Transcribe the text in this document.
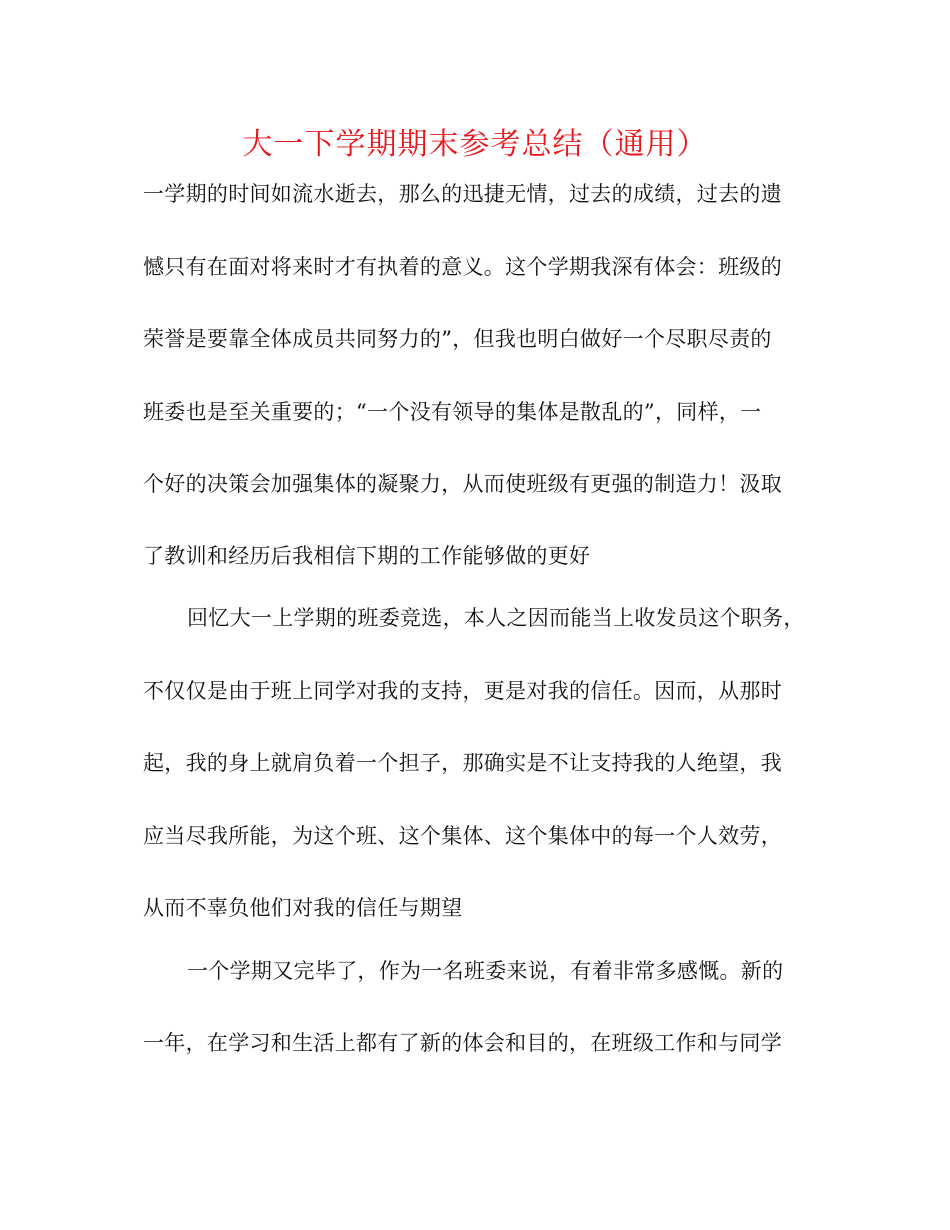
大一下学期期末参考总结（通用）
一学期的时间如流水逝去，那么的迅捷无情，过去的成绩，过去的遗
憾只有在面对将来时才有执着的意义。这个学期我深有体会：班级的
荣誉是要靠全体成员共同努力的”，但我也明白做好一个尽职尽责的
班委也是至关重要的；“一个没有领导的集体是散乱的”，同样，一
个好的决策会加强集体的凝聚力，从而使班级有更强的制造力！汲取
了教训和经历后我相信下期的工作能够做的更好
回忆大一上学期的班委竞选，本人之因而能当上收发员这个职务，
不仅仅是由于班上同学对我的支持，更是对我的信任。因而，从那时
起，我的身上就肩负着一个担子，那确实是不让支持我的人绝望，我
应当尽我所能，为这个班、这个集体、这个集体中的每一个人效劳，
从而不辜负他们对我的信任与期望
一个学期又完毕了，作为一名班委来说，有着非常多感慨。新的
一年，在学习和生活上都有了新的体会和目的，在班级工作和与同学
